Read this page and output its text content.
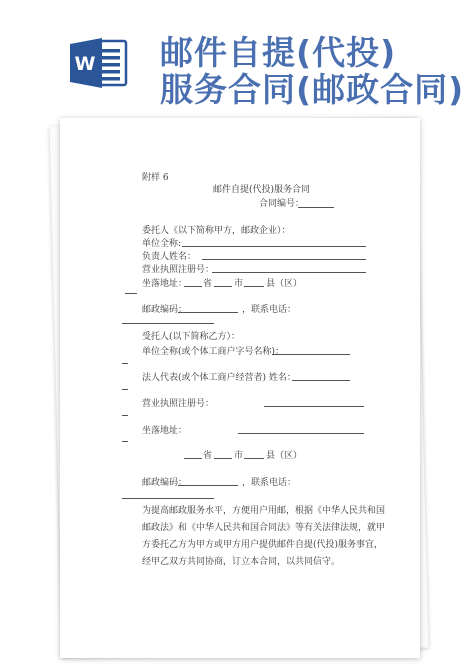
W 邮件自提(代投)
服务合同(邮政合同)
附样 6
邮件自提(代投)服务合同
合同编号：
委托人《以下简称甲方，邮政企业）：
单位全称:
负责人姓名：
营业执照注册号：
坐落地址： 省 市	县（区）
邮政编码：	，联系电话：
受托人(以下简称乙方）：
单位全称(或个体工商户字号名称)：
法人代表(或个体工商户经营者) 姓名：
营业执照注册号：
坐落地址：
省 市	县（区）
邮政编码：	，联系电话：
为提高邮政服务水平，方便用户用邮，根据《中华人民共和国邮政法》和《中华人民共和国合同法》等有关法律法规，就甲方委托乙方为甲方或甲方用户提供邮件自提(代投)服务事宜，经甲乙双方共同协商，订立本合同，以共同信守。
